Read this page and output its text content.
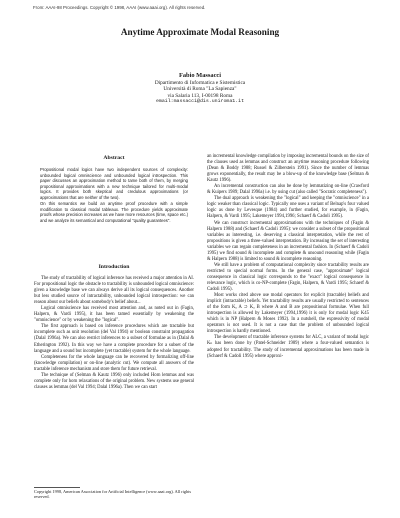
From: AAAI-98 Proceedings. Copyright © 1998, AAAI (www.aaai.org). All rights reserved.
Anytime Approximate Modal Reasoning
Fabio Massacci
Dipartimento di Informatica e Sistemistica
Università di Roma "La Sapienza"
via Salaria 113, I-00198 Roma
email:massacci@dis.uniroma1.it
Abstract

Propositional modal logics have two independent sources of complexity: unbounded logical omniscience and unbounded logical introspection. This paper discusses an approximation method to tame both of them, by merging propositional approximations with a new technique tailored for multi-modal logics. It provides both skeptical and credulous approximations (or approximations that are neither of the two).

On this semantics we build an anytime proof procedure with a simple modification to classical modal tableaux. The procedure yields approximate proofs whose precision increases as we have more resources (time, space etc.) and we analyze its semantical and computational "quality guarantees".

Introduction

The study of tractability of logical inference has received a major attention in AI. For propositional logic the obstacle to tractability is unbounded logical omniscience: given a knowledge base we can always derive all its logical consequences. Another but less studied source of intractability, unbounded logical introspection: we can reason about our beliefs about somebody's belief about...

Logical omniscience has received most attention and, as noted out in (Fagin, Halpern, & Vardi 1995), it has been tamed essentially by weakening the "omniscience" or by weakening the "logical".

The first approach is based on inference procedures which are tractable but incomplete such as unit resolution (del Val 1994) or boolean constraint propagation (Dalal 1996a). We can also restrict inferences to a subset of formulae as in (Dalal & Etherington 1992). In this way we have a complete procedure for a subset of the language and a sound but incomplete (yet tractable) system for the whole language.

Completeness for the whole language can be recovered by formalizing off-line (knowledge compilation) or on-line (analytic cut). We compute all answers of the tractable inference mechanism and store them for future retrieval.

The technique of (Selman & Kautz 1996) only included Horn lemmas and was complete only for horn relaxations of the original problem. New systems use general clauses as lemmas (del Val 1994; Dalal 1996a). Then we can start

an incremental knowledge compilation by imposing incremental bounds on the size of the clauses used as lemmas and construct an anytime reasoning procedure following (Dean & Boddy 1988; Russel & Zilberstein 1991). Since the number of lemmas grows exponentially, the result may be a blow-up of the knowledge base (Selman & Kautz 1996).

An incremental construction can also be done by lemmatizing on-line (Crawford & Kuipers 1989; Dalal 1996a) i.e. by using cut (also called "Socratic completeness").

The dual approach is weakening the "logical" and keeping the "omniscience" in a logic weaker than classical logic. Typically one uses a variant of Belnap's four valued logic as done by Levesque (1984) and further studied, for example, in (Fagin, Halpern, & Vardi 1995; Lakemeyer 1994,1996; Schaerf & Cadoli 1995).

We can construct incremental approximations with the techniques of (Fagin & Halpern 1988) and (Schaerf & Cadoli 1995): we consider a subset of the propositional variables as interesting, i.e. deserving a classical interpretation, while the rest of propositions is given a three-valued interpretation. By increasing the set of interesting variables we can regain completeness in an incremental fashion. In (Schaerf & Cadoli 1995) we find sound & incomplete and complete & unsound reasoning while (Fagin & Halpern 1988) is limited to sound & incomplete reasoning.

We still have a problem of computational complexity since tractability results are restricted to special normal forms. In the general case, "approximate" logical consequence in classical logic corresponds to the "exact" logical consequence in relevance logic, which is co-NP-complete (Fagin, Halpern, & Vardi 1995; Schaerf & Cadoli 1995).

Most works cited above use modal operators for explicit (tractable) beliefs and implicit (intractable) beliefs. Yet tractability results are usually restricted to sentences of the form Kₐ A ⊃ Kₐ B where A and B are propositional formulae. When full introspection is allowed by Lakemeyer (1994,1996) it is only for modal logic K45 which is in NP (Halpern & Moses 1992). In a nutshell, the expressivity of modal operators is not used. It is not a case that the problem of unbounded logical introspection is hardly mentioned.

The development of tractable inference systems for ALC, a variant of modal logic Kₙ has been done by (Patel-Schneider 1989) where a four-valued semantics is adopted for tractability. The study of incremental approximations has been made in (Schaerf & Cadoli 1995) where approxi-

Copyright 1998, American Association for Artificial Intelligence (www.aaai.org). All rights reserved.
